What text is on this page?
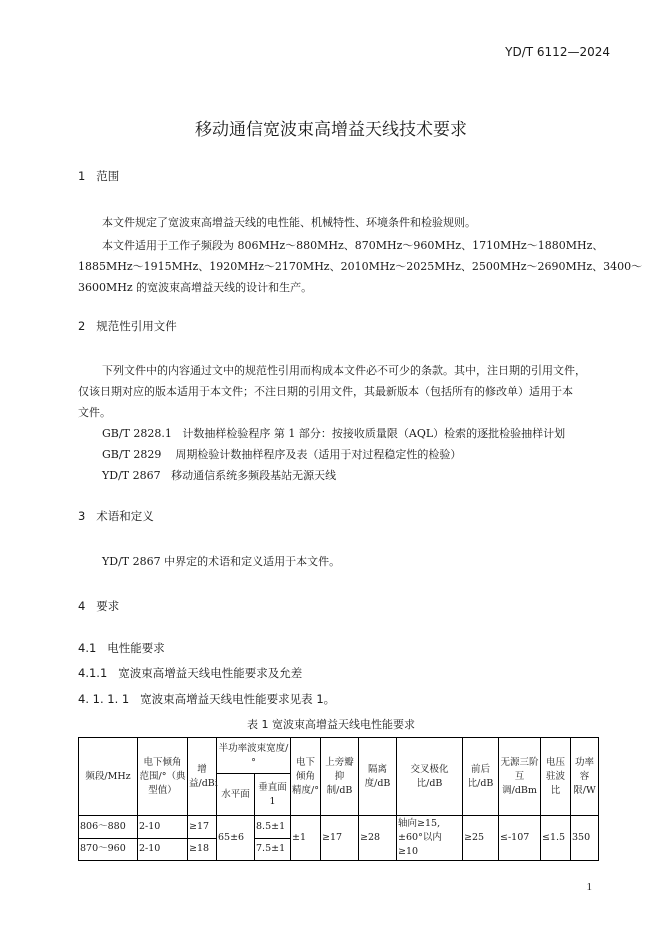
YD/T 6112—2024
移动通信宽波束高增益天线技术要求
1 范围
本文件规定了宽波束高增益天线的电性能、机械特性、环境条件和检验规则。
本文件适用于工作子频段为 806MHz～880MHz、870MHz～960MHz、1710MHz～1880MHz、
1885MHz～1915MHz、1920MHz～2170MHz、2010MHz～2025MHz、2500MHz～2690MHz、3400～
3600MHz 的宽波束高增益天线的设计和生产。
2 规范性引用文件
下列文件中的内容通过文中的规范性引用而构成本文件必不可少的条款。其中，注日期的引用文件，
仅该日期对应的版本适用于本文件；不注日期的引用文件，其最新版本（包括所有的修改单）适用于本
文件。
GB/T 2828.1 计数抽样检验程序 第 1 部分：按接收质量限（AQL）检索的逐批检验抽样计划
GB/T 2829 周期检验计数抽样程序及表（适用于对过程稳定性的检验）
YD/T 2867 移动通信系统多频段基站无源天线
3 术语和定义
YD/T 2867 中界定的术语和定义适用于本文件。
4 要求
4.1 电性能要求
4.1.1 宽波束高增益天线电性能要求及允差
4. 1. 1. 1 宽波束高增益天线电性能要求见表 1。
表 1 宽波束高增益天线电性能要求
频段/MHz	电下倾角范围/°（典型值）	增益/dBi	半功率波束宽度/°		电下倾角精度/°	上旁瓣抑制/dB	隔离度/dB	交叉极化比/dB	前后比/dB	无源三阶互调/dBm	电压驻波比	功率容限/W
			水平面	垂直面 1								
806～880	2-10	≥17	65±6	8.5±1	±1	≥17	≥28	轴向≥15,
±60°以内≥10	≥25	≤-107	≤1.5	350
870～960	2-10	≥18		7.5±1								
1
